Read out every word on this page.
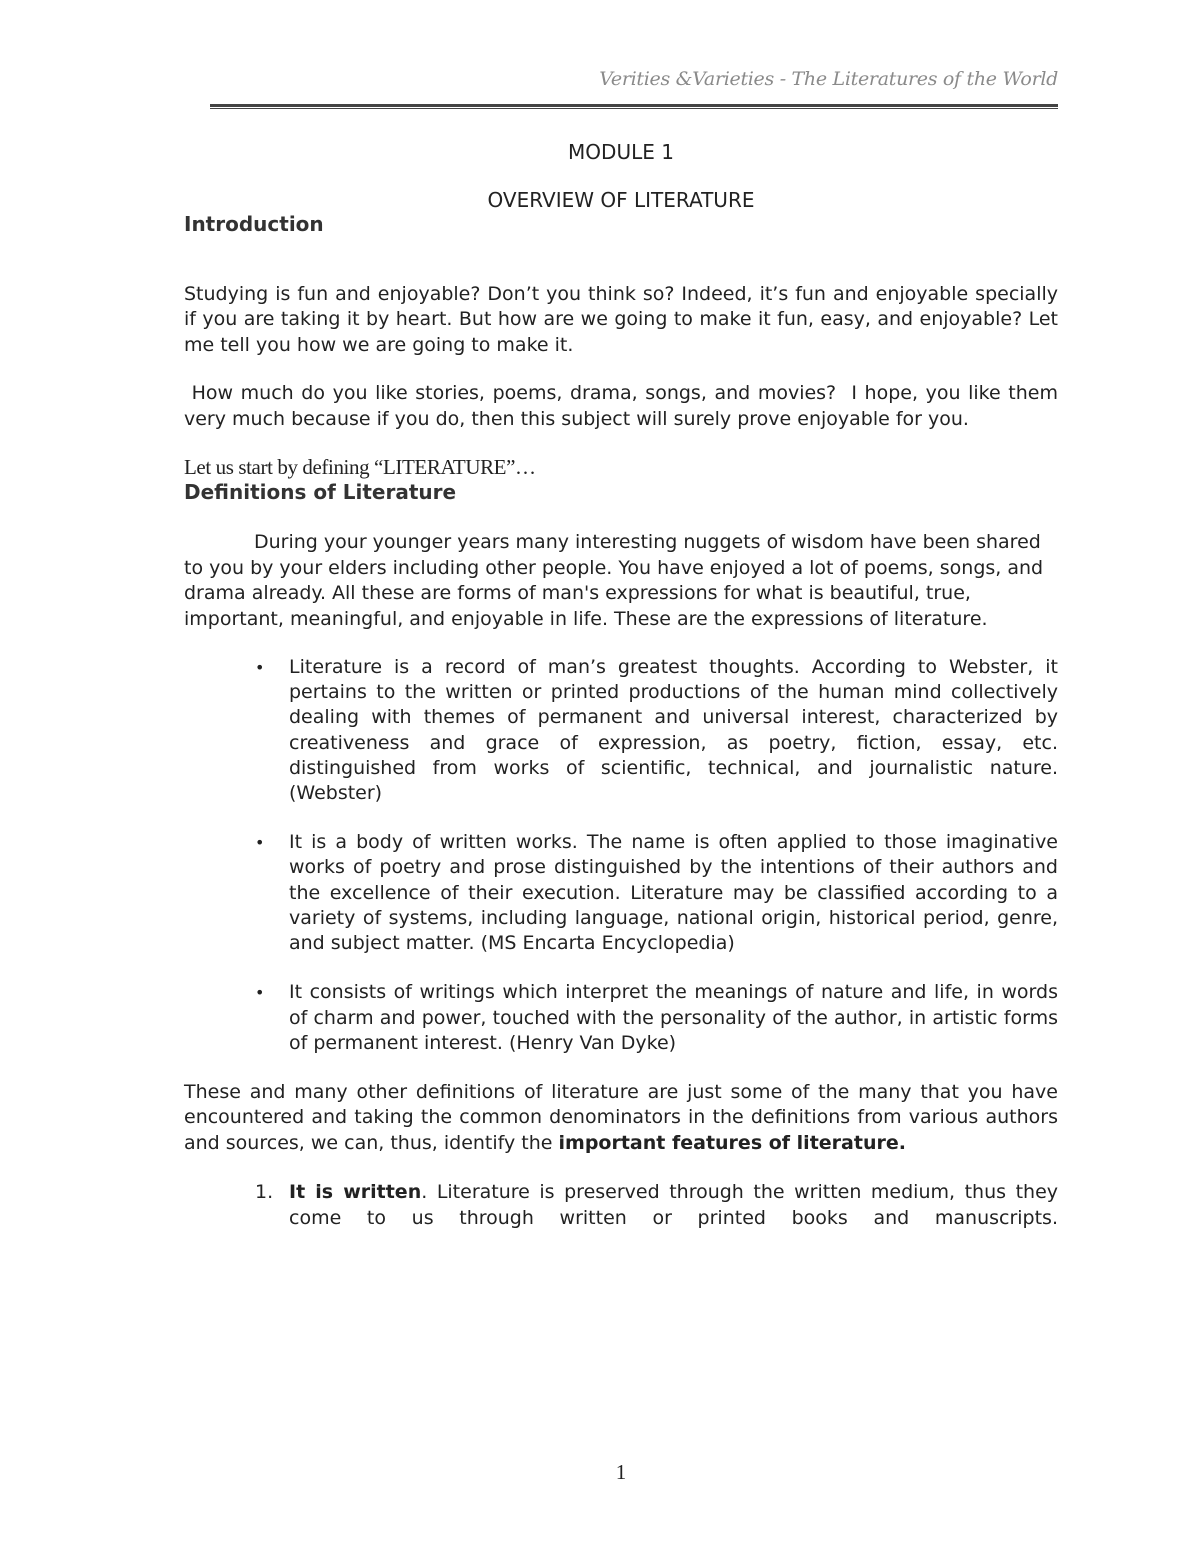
Verities &Varieties - The Literatures of the World
MODULE 1
OVERVIEW OF LITERATURE
Introduction

Studying is fun and enjoyable? Don’t you think so? Indeed, it’s fun and enjoyable specially if you are taking it by heart. But how are we going to make it fun, easy, and enjoyable? Let me tell you how we are going to make it.

How much do you like stories, poems, drama, songs, and movies?  I hope, you like them very much because if you do, then this subject will surely prove enjoyable for you.

Let us start by defining “LITERATURE”…

Definitions of Literature

During your younger years many interesting nuggets of wisdom have been shared to you by your elders including other people. You have enjoyed a lot of poems, songs, and drama already. All these are forms of man's expressions for what is beautiful, true, important, meaningful, and enjoyable in life. These are the expressions of literature.

• Literature is a record of man’s greatest thoughts. According to Webster, it pertains to the written or printed productions of the human mind collectively dealing with themes of permanent and universal interest, characterized by creativeness and grace of expression, as poetry, fiction, essay, etc. distinguished from works of scientific, technical, and journalistic nature. (Webster)
• It is a body of written works. The name is often applied to those imaginative works of poetry and prose distinguished by the intentions of their authors and the excellence of their execution. Literature may be classified according to a variety of systems, including language, national origin, historical period, genre, and subject matter. (MS Encarta Encyclopedia)
• It consists of writings which interpret the meanings of nature and life, in words of charm and power, touched with the personality of the author, in artistic forms of permanent interest. (Henry Van Dyke)

These and many other definitions of literature are just some of the many that you have encountered and taking the common denominators in the definitions from various authors and sources, we can, thus, identify the important features of literature.

1. It is written. Literature is preserved through the written medium, thus they come to us through written or printed books and manuscripts.
1
